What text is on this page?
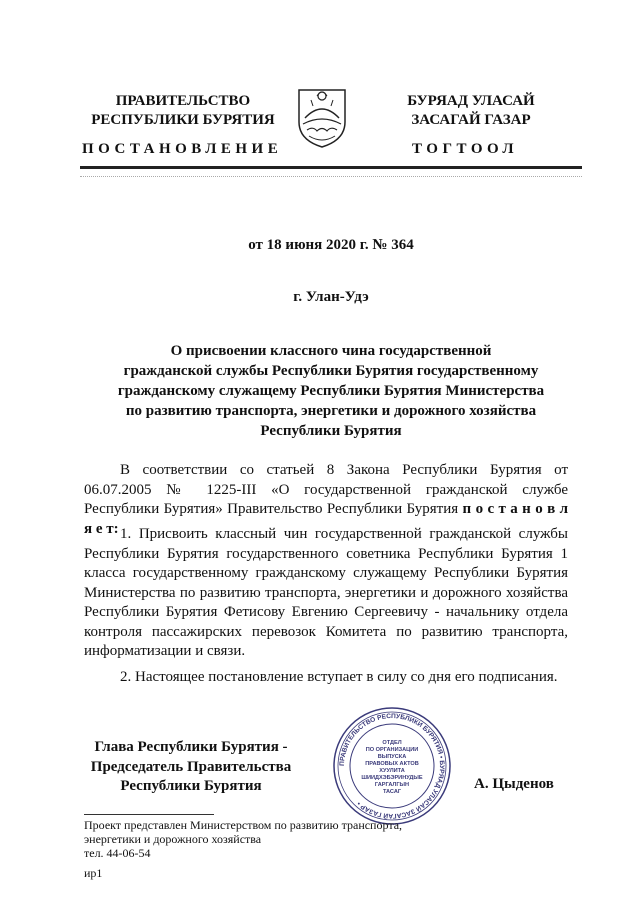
ПРАВИТЕЛЬСТВО
РЕСПУБЛИКИ БУРЯТИЯ
БУРЯАД УЛАСАЙ
ЗАСАГАЙ ГАЗАР
ПОСТАНОВЛЕНИЕ	ТОГТООЛ
от 18 июня 2020 г. № 364
г. Улан-Удэ
О присвоении классного чина государственной
гражданской службы Республики Бурятия государственному
гражданскому служащему Республики Бурятия Министерства
по развитию транспорта, энергетики и дорожного хозяйства
Республики Бурятия
В соответствии со статьей 8 Закона Республики Бурятия от 06.07.2005 № 1225-III «О государственной гражданской службе Республики Бурятия» Правительство Республики Бурятия п о с т а н о в л я е т: 1. Присвоить классный чин государственной гражданской службы Республики Бурятия государственного советника Республики Бурятия 1 класса государственному гражданскому служащему Республики Бурятия Министерства по развитию транспорта, энергетики и дорожного хозяйства Республики Бурятия Фетисову Евгению Сергеевичу - начальнику отдела контроля пассажирских перевозок Комитета по развитию транспорта, информатизации и связи.
2. Настоящее постановление вступает в силу со дня его подписания.
Глава Республики Бурятия -
Председатель Правительства
Республики Бурятия	А. Цыденов
ПРАВИТЕЛЬСТВО РЕСПУБЛИКИ БУРЯТИЯ • БУРЯАД УЛАСАЙ ЗАСАГАЙ ГАЗАР •
ОТДЕЛ
ПО ОРГАНИЗАЦИИ
ВЫПУСКА
ПРАВОВЫХ АКТОВ
ХУУЛИТА
ШИИДХЭБЭРИНУДЫЕ
ГАРГАЛГЫН
ТАСАГ
Проект представлен Министерством по развитию транспорта,
энергетики и дорожного хозяйства
тел. 44-06-54
ир1
